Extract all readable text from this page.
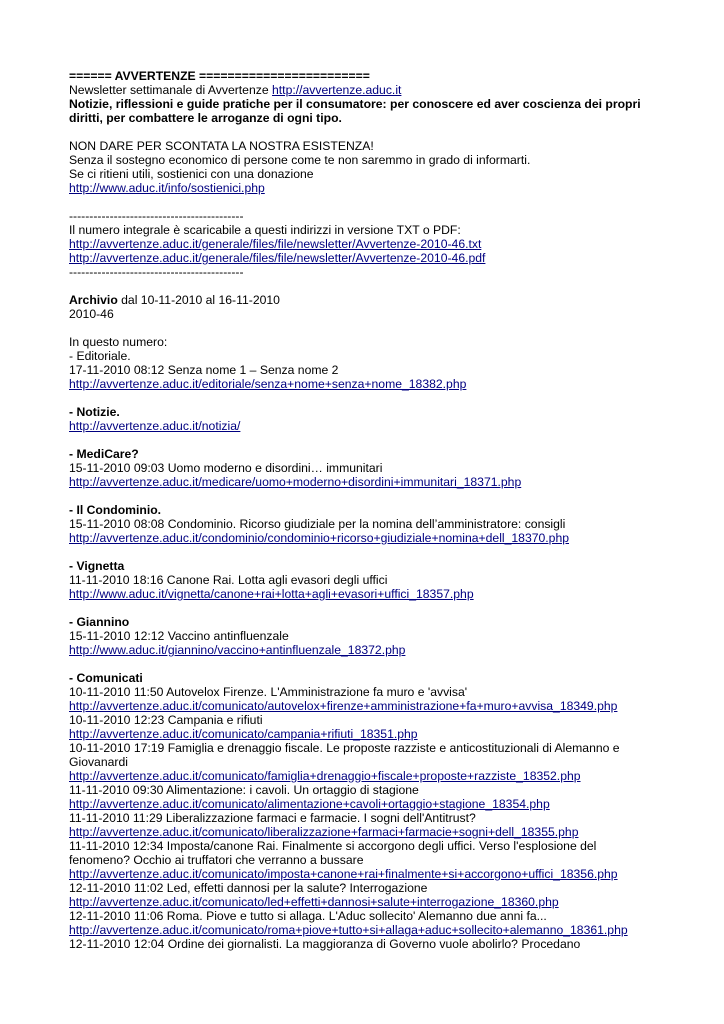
====== AVVERTENZE ========================
Newsletter settimanale di Avvertenze http://avvertenze.aduc.it
Notizie, riflessioni e guide pratiche per il consumatore: per conoscere ed aver coscienza dei propri diritti, per combattere le arroganze di ogni tipo.
NON DARE PER SCONTATA LA NOSTRA ESISTENZA!
Senza il sostegno economico di persone come te non saremmo in grado di informarti.
Se ci ritieni utili, sostienici con una donazione
http://www.aduc.it/info/sostienici.php
-------------------------------------------
Il numero integrale è scaricabile a questi indirizzi in versione TXT o PDF:
http://avvertenze.aduc.it/generale/files/file/newsletter/Avvertenze-2010-46.txt
http://avvertenze.aduc.it/generale/files/file/newsletter/Avvertenze-2010-46.pdf
-------------------------------------------
Archivio dal 10-11-2010 al 16-11-2010
2010-46
In questo numero:
- Editoriale.
17-11-2010 08:12 Senza nome 1 – Senza nome 2
http://avvertenze.aduc.it/editoriale/senza+nome+senza+nome_18382.php
- Notizie.
http://avvertenze.aduc.it/notizia/
- MediCare?
15-11-2010 09:03 Uomo moderno e disordini… immunitari
http://avvertenze.aduc.it/medicare/uomo+moderno+disordini+immunitari_18371.php
- Il Condominio.
15-11-2010 08:08 Condominio. Ricorso giudiziale per la nomina dell’amministratore: consigli
http://avvertenze.aduc.it/condominio/condominio+ricorso+giudiziale+nomina+dell_18370.php
- Vignetta
11-11-2010 18:16 Canone Rai. Lotta agli evasori degli uffici
http://www.aduc.it/vignetta/canone+rai+lotta+agli+evasori+uffici_18357.php
- Giannino
15-11-2010 12:12 Vaccino antinfluenzale
http://www.aduc.it/giannino/vaccino+antinfluenzale_18372.php
- Comunicati
10-11-2010 11:50 Autovelox Firenze. L'Amministrazione fa muro e 'avvisa'
http://avvertenze.aduc.it/comunicato/autovelox+firenze+amministrazione+fa+muro+avvisa_18349.php
10-11-2010 12:23 Campania e rifiuti
http://avvertenze.aduc.it/comunicato/campania+rifiuti_18351.php
10-11-2010 17:19 Famiglia e drenaggio fiscale. Le proposte razziste e anticostituzionali di Alemanno e Giovanardi
http://avvertenze.aduc.it/comunicato/famiglia+drenaggio+fiscale+proposte+razziste_18352.php
11-11-2010 09:30 Alimentazione: i cavoli. Un ortaggio di stagione
http://avvertenze.aduc.it/comunicato/alimentazione+cavoli+ortaggio+stagione_18354.php
11-11-2010 11:29 Liberalizzazione farmaci e farmacie. I sogni dell'Antitrust?
http://avvertenze.aduc.it/comunicato/liberalizzazione+farmaci+farmacie+sogni+dell_18355.php
11-11-2010 12:34 Imposta/canone Rai. Finalmente si accorgono degli uffici. Verso l'esplosione del fenomeno? Occhio ai truffatori che verranno a bussare
http://avvertenze.aduc.it/comunicato/imposta+canone+rai+finalmente+si+accorgono+uffici_18356.php
12-11-2010 11:02 Led, effetti dannosi per la salute? Interrogazione
http://avvertenze.aduc.it/comunicato/led+effetti+dannosi+salute+interrogazione_18360.php
12-11-2010 11:06 Roma. Piove e tutto si allaga. L'Aduc sollecito' Alemanno due anni fa...
http://avvertenze.aduc.it/comunicato/roma+piove+tutto+si+allaga+aduc+sollecito+alemanno_18361.php
12-11-2010 12:04 Ordine dei giornalisti. La maggioranza di Governo vuole abolirlo? Procedano
